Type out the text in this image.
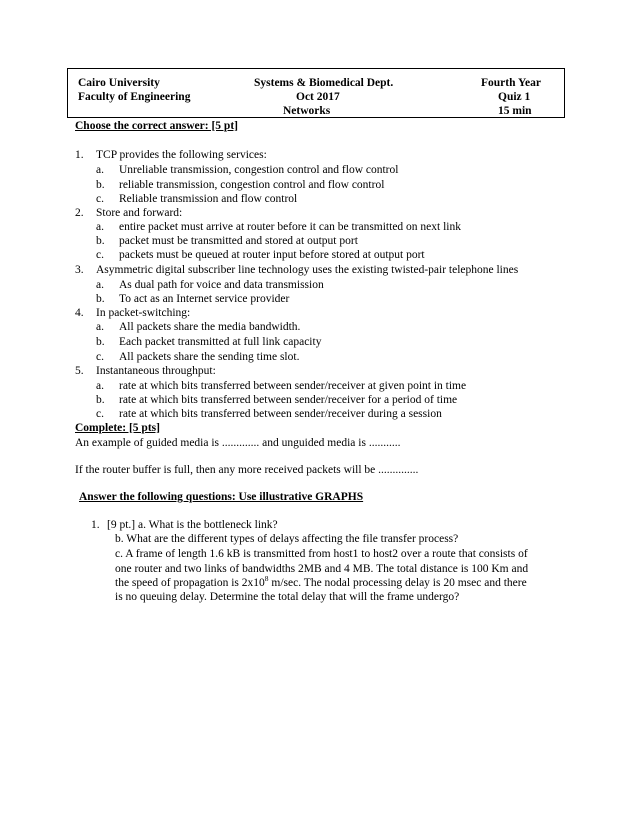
Cairo University
Faculty of Engineering
Systems & Biomedical Dept.
Oct 2017
Networks
Fourth Year
Quiz 1
15 min
Choose the correct answer: [5 pt]
1. TCP provides the following services:
a. Unreliable transmission, congestion control and flow control
b. reliable transmission, congestion control and flow control
c. Reliable transmission and flow control
2. Store and forward:
a. entire packet must arrive at router before it can be transmitted on next link
b. packet must be transmitted and stored at output port
c. packets must be queued at router input before stored at output port
3. Asymmetric digital subscriber line technology uses the existing twisted-pair telephone lines
a. As dual path for voice and data transmission
b. To act as an Internet service provider
4. In packet-switching:
a. All packets share the media bandwidth.
b. Each packet transmitted at full link capacity
c. All packets share the sending time slot.
5. Instantaneous throughput:
a. rate at which bits transferred between sender/receiver at given point in time
b. rate at which bits transferred between sender/receiver for a period of time
c. rate at which bits transferred between sender/receiver during a session
Complete: [5 pts]
An example of guided media is ............. and unguided media is ...........
If the router buffer is full, then any more received packets will be ..............
Answer the following questions: Use illustrative GRAPHS
1. [9 pt.] a. What is the bottleneck link?
b. What are the different types of delays affecting the file transfer process?
c. A frame of length 1.6 kB is transmitted from host1 to host2 over a route that consists of
one router and two links of bandwidths 2MB and 4 MB. The total distance is 100 Km and
the speed of propagation is $2x10^8$ m/sec. The nodal processing delay is 20 msec and there
is no queuing delay. Determine the total delay that will the frame undergo?
